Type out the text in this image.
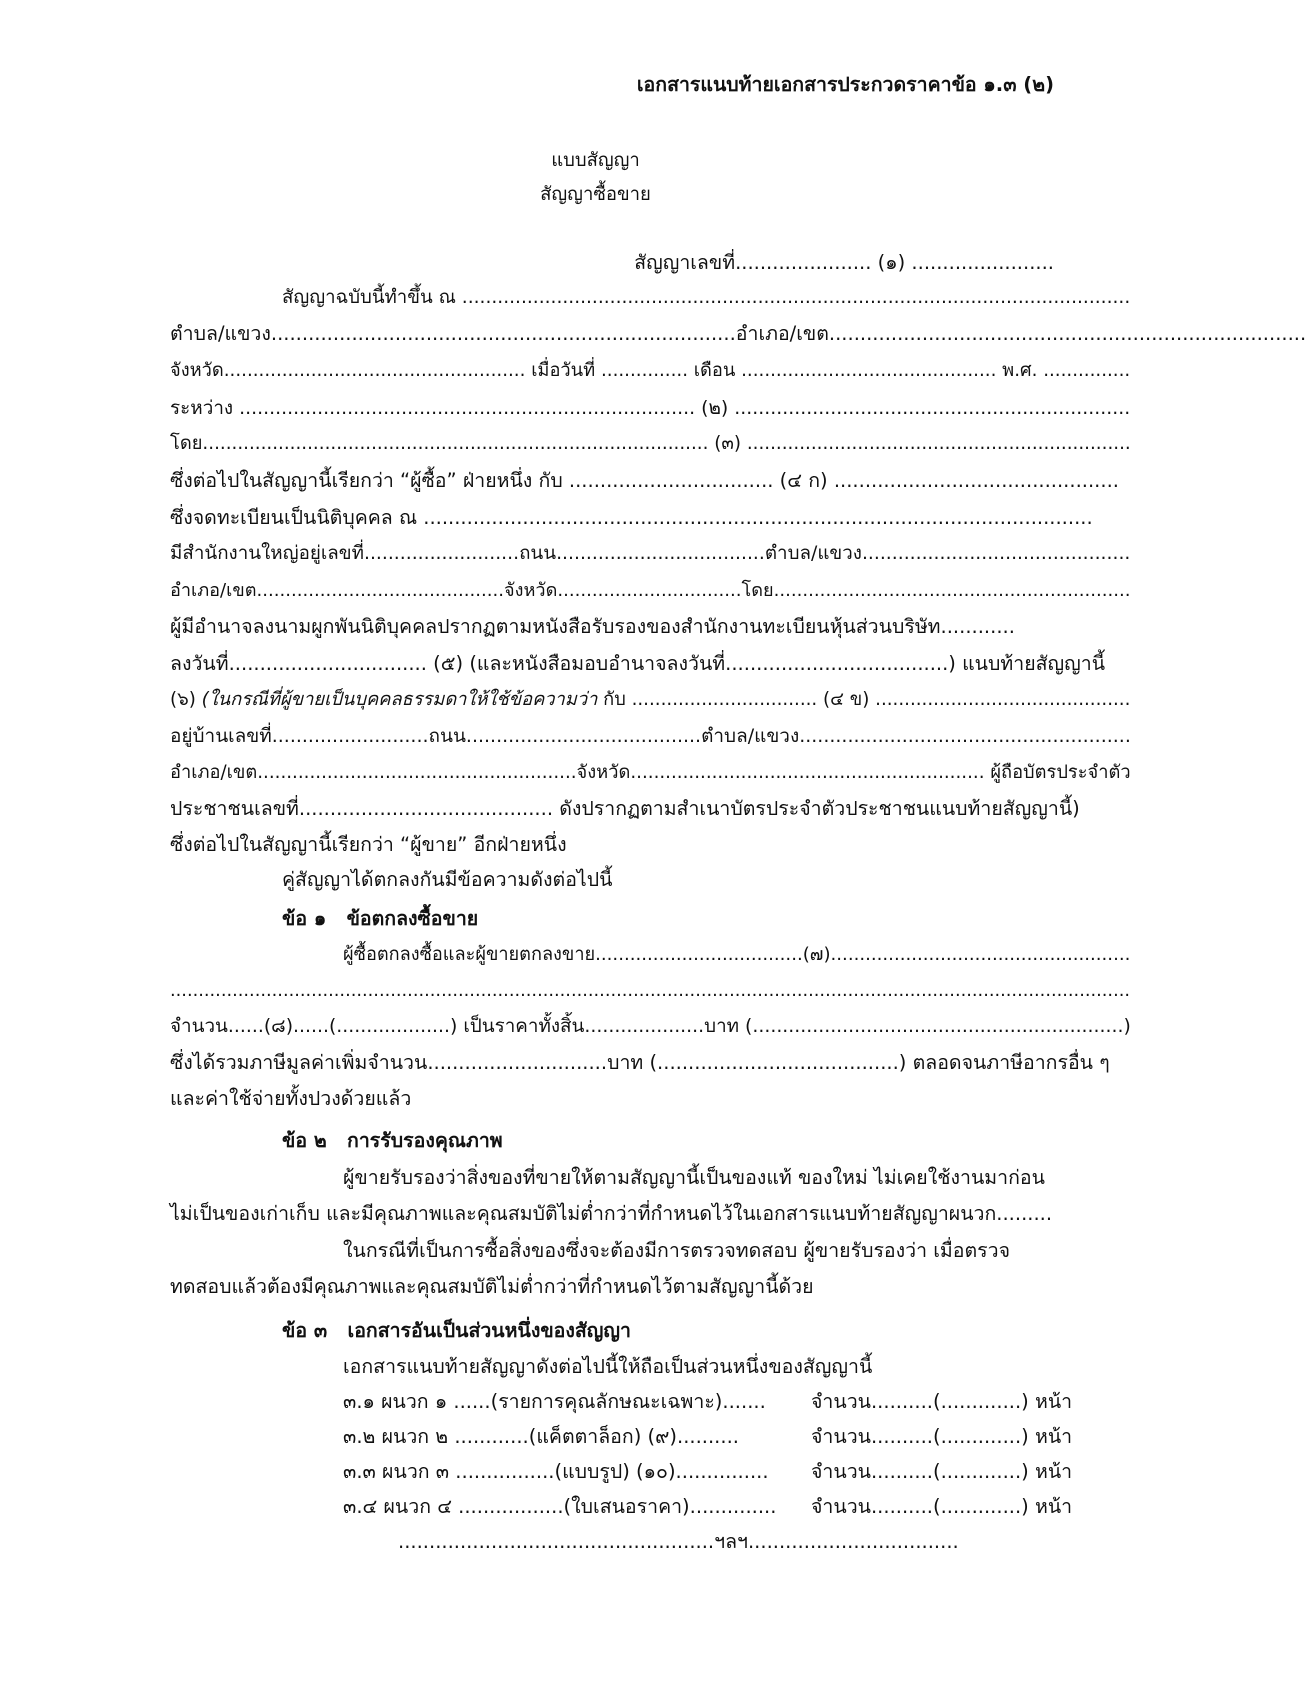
เอกสารแนบท้ายเอกสารประกวดราคาข้อ ๑.๓ (๒)
แบบสัญญา
สัญญาซื้อขาย
สัญญาเลขที่...................... (๑) .......................
สัญญาฉบับนี้ทำขึ้น ณ .................................................................................................................
ตำบล/แขวง........................................................................... อำเภอ/เขต.............................................................................
จังหวัด.................................................... เมื่อวันที่ ............... เดือน ............................................ พ.ศ. ...............
ระหว่าง ............................................................................ (๒) ..................................................................
โดย....................................................................................... (๓) ..................................................................
ซึ่งต่อไปในสัญญานี้เรียกว่า “ผู้ซื้อ” ฝ่ายหนึ่ง กับ ................................. (๔ ก) ..............................................
ซึ่งจดทะเบียนเป็นนิติบุคคล ณ ............................................................................................................
มีสำนักงานใหญ่อยู่เลขที่..........................ถนน...................................ตำบล/แขวง.............................................
อำเภอ/เขต...........................................จังหวัด................................โดย..............................................................
ผู้มีอำนาจลงนามผูกพันนิติบุคคลปรากฏตามหนังสือรับรองของสำนักงานทะเบียนหุ้นส่วนบริษัท............
ลงวันที่................................ (๕) (และหนังสือมอบอำนาจลงวันที่....................................) แนบท้ายสัญญานี้
(๖) (ในกรณีที่ผู้ขายเป็นบุคคลธรรมดาให้ใช้ข้อความว่า กับ ................................ (๔ ข) ............................................
อยู่บ้านเลขที่..........................ถนน.......................................ตำบล/แขวง.......................................................
อำเภอ/เขต.......................................................จังหวัด............................................................. ผู้ถือบัตรประจำตัว
ประชาชนเลขที่......................................... ดังปรากฏตามสำเนาบัตรประจำตัวประชาชนแนบท้ายสัญญานี้)
ซึ่งต่อไปในสัญญานี้เรียกว่า “ผู้ขาย” อีกฝ่ายหนึ่ง
คู่สัญญาได้ตกลงกันมีข้อความดังต่อไปนี้
ข้อ ๑   ข้อตกลงซื้อขาย
ผู้ซื้อตกลงซื้อและผู้ขายตกลงขาย....................................(๗)....................................................
..........................................................................................................................................................................
จำนวน......(๘)......(...................) เป็นราคาทั้งสิ้น....................บาท (..............................................................)
ซึ่งได้รวมภาษีมูลค่าเพิ่มจำนวน.............................บาท (.......................................) ตลอดจนภาษีอากรอื่น ๆ
และค่าใช้จ่ายทั้งปวงด้วยแล้ว
ข้อ ๒   การรับรองคุณภาพ
ผู้ขายรับรองว่าสิ่งของที่ขายให้ตามสัญญานี้เป็นของแท้ ของใหม่ ไม่เคยใช้งานมาก่อน
ไม่เป็นของเก่าเก็บ และมีคุณภาพและคุณสมบัติไม่ต่ำกว่าที่กำหนดไว้ในเอกสารแนบท้ายสัญญาผนวก.........
ในกรณีที่เป็นการซื้อสิ่งของซึ่งจะต้องมีการตรวจทดสอบ ผู้ขายรับรองว่า เมื่อตรวจ
ทดสอบแล้วต้องมีคุณภาพและคุณสมบัติไม่ต่ำกว่าที่กำหนดไว้ตามสัญญานี้ด้วย
ข้อ ๓   เอกสารอันเป็นส่วนหนึ่งของสัญญา
เอกสารแนบท้ายสัญญาดังต่อไปนี้ให้ถือเป็นส่วนหนึ่งของสัญญานี้
๓.๑ ผนวก ๑ ......(รายการคุณลักษณะเฉพาะ)....... จำนวน..........(.............) หน้า
๓.๒ ผนวก ๒ ............(แค็ตตาล็อก) (๙)..........	จำนวน..........(.............) หน้า
๓.๓ ผนวก ๓ ................(แบบรูป) (๑๐)............... จำนวน..........(.............) หน้า
๓.๔ ผนวก ๔ .................(ใบเสนอราคา).............. จำนวน..........(.............) หน้า
...................................................ฯลฯ..................................
